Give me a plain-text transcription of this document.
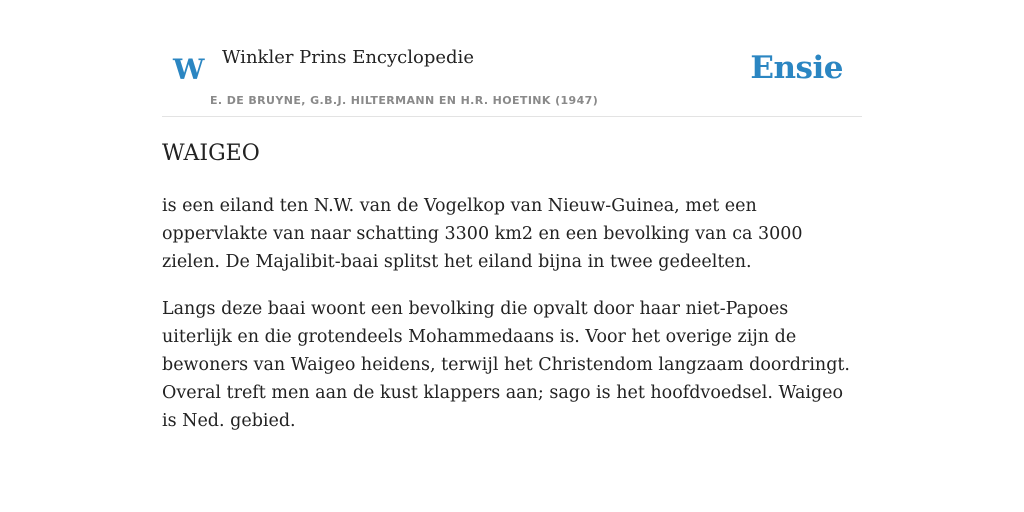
W Winkler Prins Encyclopedie
E. DE BRUYNE, G.B.J. HILTERMANN EN H.R. HOETINK (1947)
Ensie
WAIGEO

is een eiland ten N.W. van de Vogelkop van Nieuw-Guinea, met een oppervlakte van naar schatting 3300 km2 en een bevolking van ca 3000 zielen. De Majalibit-baai splitst het eiland bijna in twee gedeelten.

Langs deze baai woont een bevolking die opvalt door haar niet-Papoes uiterlijk en die grotendeels Mohammedaans is. Voor het overige zijn de bewoners van Waigeo heidens, terwijl het Christendom langzaam doordringt. Overal treft men aan de kust klappers aan; sago is het hoofdvoedsel. Waigeo is Ned. gebied.
